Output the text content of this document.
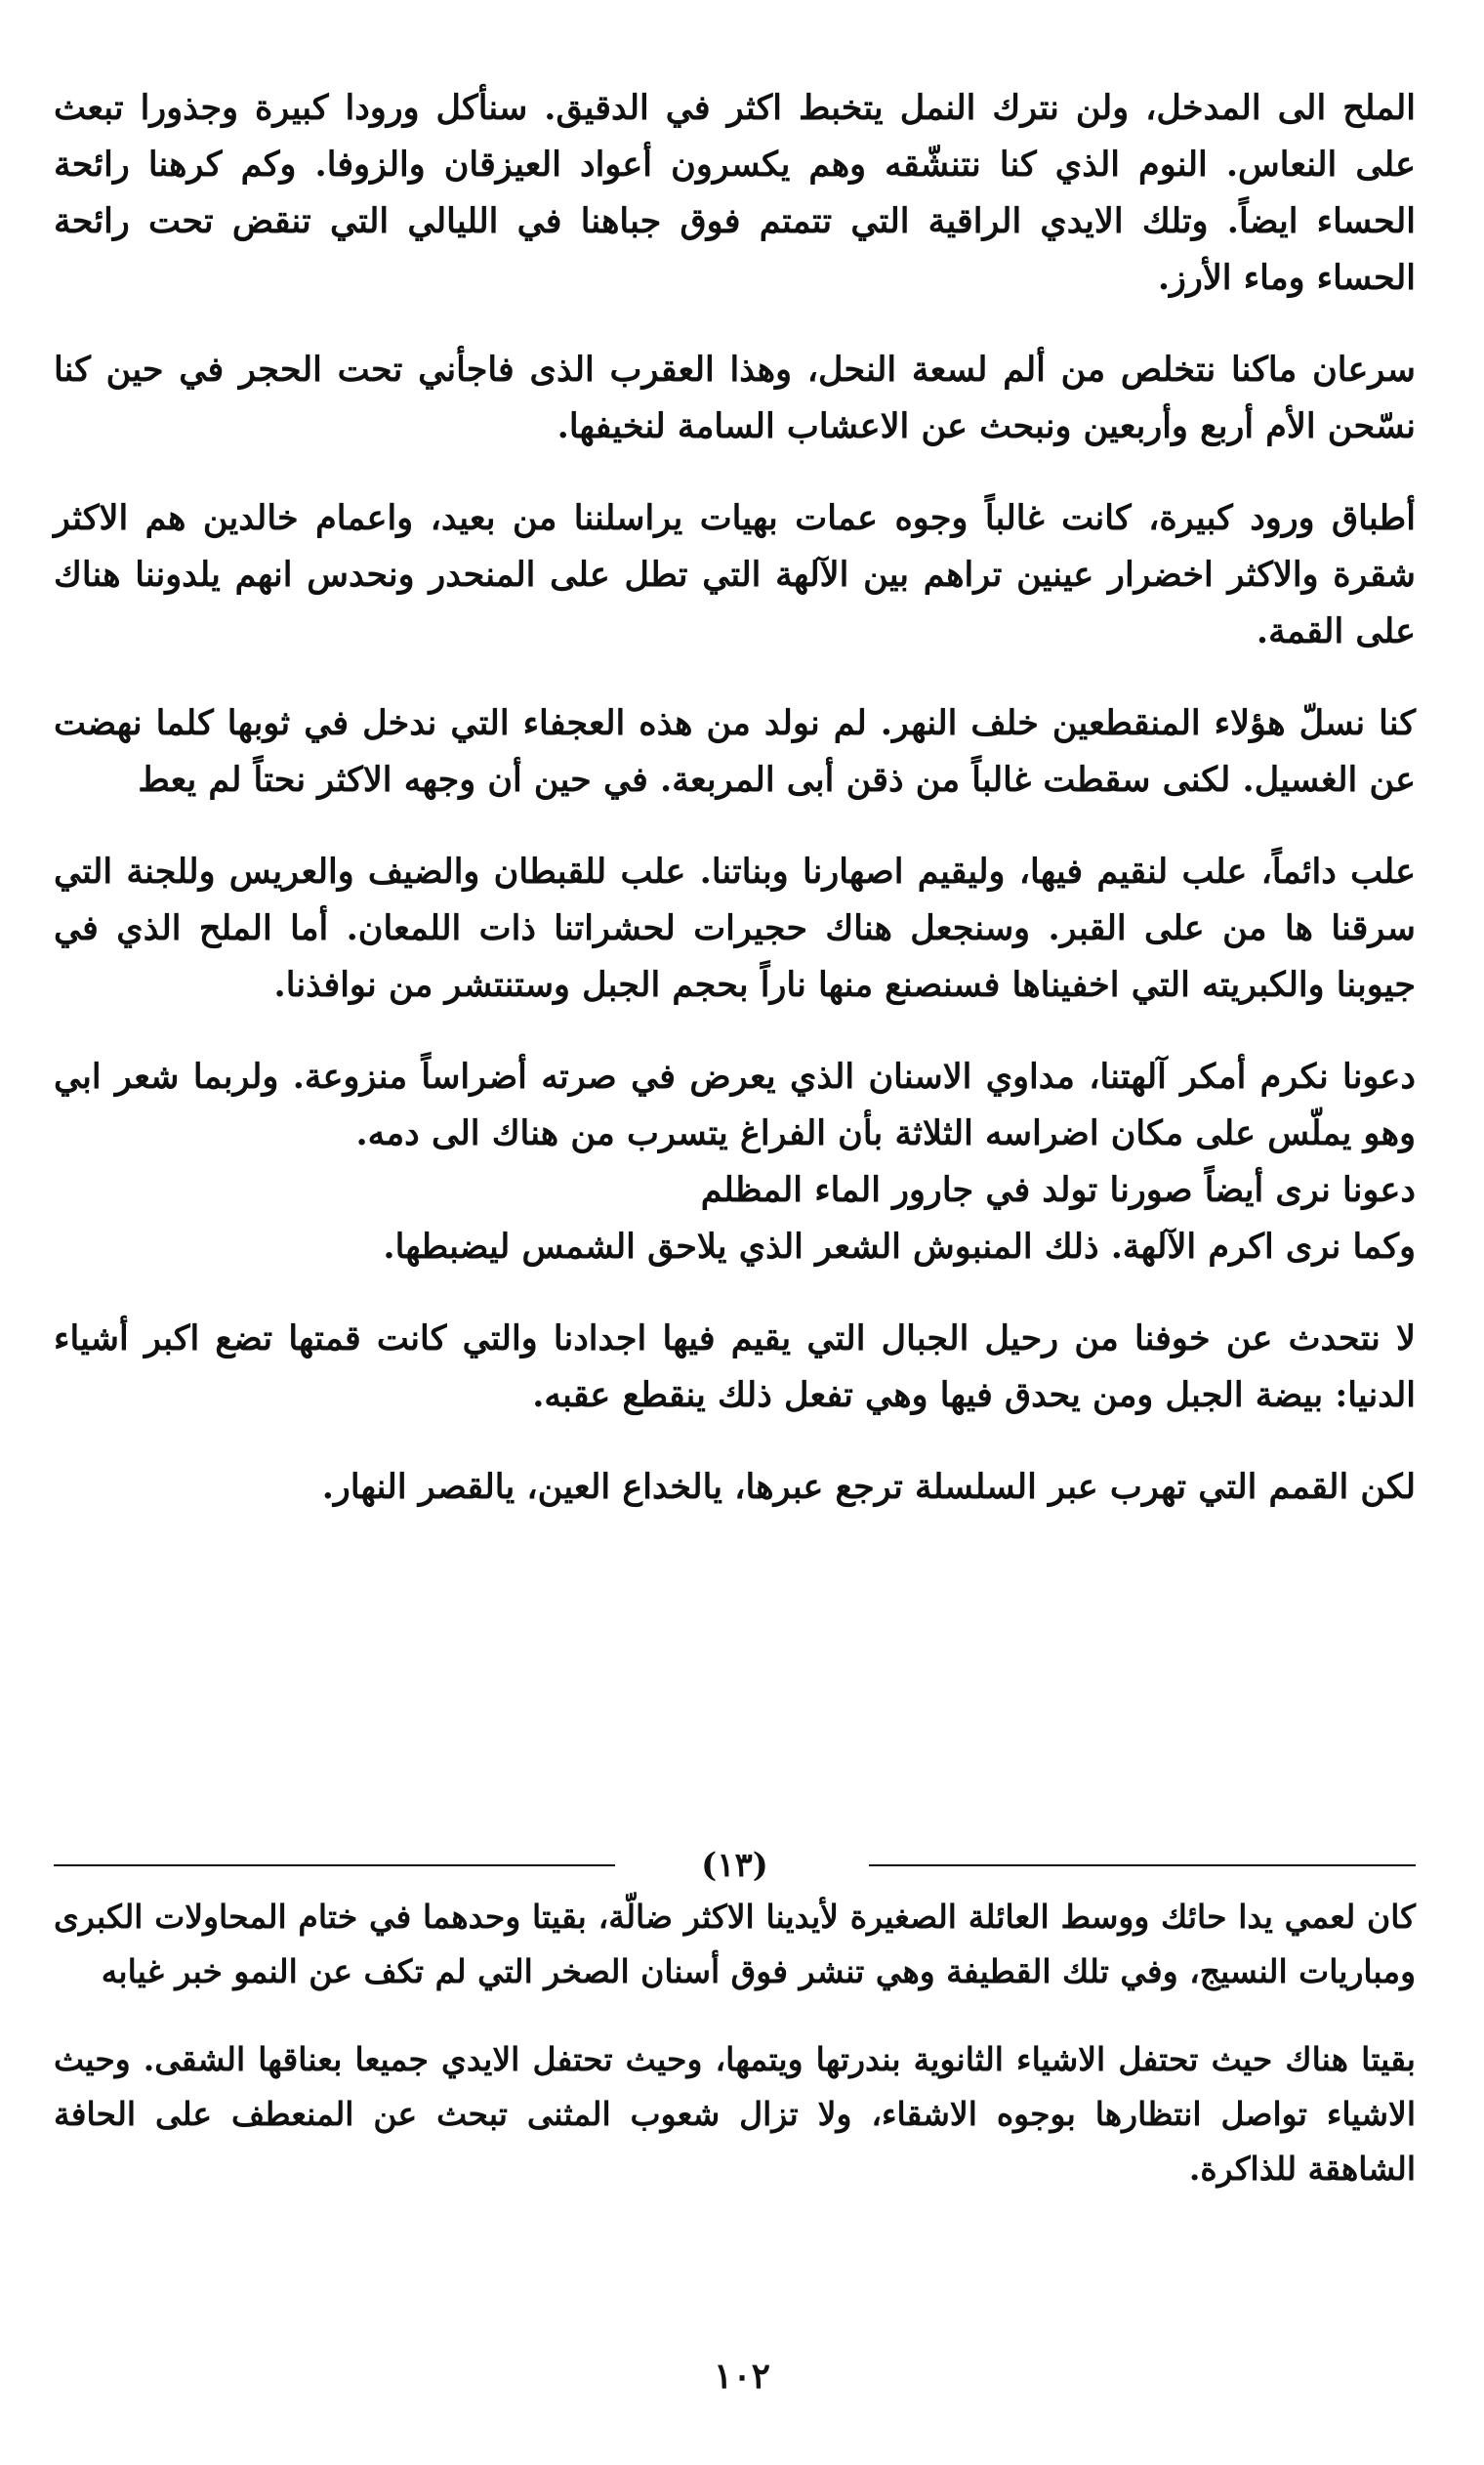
الملح الى المدخل، ولن نترك النمل يتخبط اكثر في الدقيق. سنأكل ورودا كبيرة وجذورا تبعث على النعاس. النوم الذي كنا نتنشّقه وهم يكسرون أعواد العيزقان والزوفا. وكم كرهنا رائحة الحساء ايضاً. وتلك الايدي الراقية التي تتمتم فوق جباهنا في الليالي التي تنقض تحت رائحة الحساء وماء الأرز.

سرعان ماكنا نتخلص من ألم لسعة النحل، وهذا العقرب الذى فاجأني تحت الحجر في حين كنا نسّحن الأم أربع وأربعين ونبحث عن الاعشاب السامة لنخيفها.

أطباق ورود كبيرة، كانت غالباً وجوه عمات بهيات يراسلننا من بعيد، واعمام خالدين هم الاكثر شقرة والاكثر اخضرار عينين تراهم بين الآلهة التي تطل على المنحدر ونحدس انهم يلدوننا هناك على القمة.

كنا نسلّ هؤلاء المنقطعين خلف النهر. لم نولد من هذه العجفاء التي ندخل في ثوبها كلما نهضت عن الغسيل. لكنى سقطت غالباً من ذقن أبى المربعة. في حين أن وجهه الاكثر نحتاً لم يعط

علب دائماً، علب لنقيم فيها، وليقيم اصهارنا وبناتنا. علب للقبطان والضيف والعريس وللجنة التي سرقنا ها من على القبر. وسنجعل هناك حجيرات لحشراتنا ذات اللمعان. أما الملح الذي في جيوبنا والكبريته التي اخفيناها فسنصنع منها ناراً بحجم الجبل وستنتشر من نوافذنا.

دعونا نكرم أمكر آلهتنا، مداوي الاسنان الذي يعرض في صرته أضراساً منزوعة. ولربما شعر ابي وهو يملّس على مكان اضراسه الثلاثة بأن الفراغ يتسرب من هناك الى دمه.
دعونا نرى أيضاً صورنا تولد في جارور الماء المظلم
وكما نرى اكرم الآلهة. ذلك المنبوش الشعر الذي يلاحق الشمس ليضبطها.

لا نتحدث عن خوفنا من رحيل الجبال التي يقيم فيها اجدادنا والتي كانت قمتها تضع اكبر أشياء الدنيا: بيضة الجبل ومن يحدق فيها وهي تفعل ذلك ينقطع عقبه.

لكن القمم التي تهرب عبر السلسلة ترجع عبرها، يالخداع العين، يالقصر النهار.

(١٣)

كان لعمي يدا حائك ووسط العائلة الصغيرة لأيدينا الاكثر ضالّة، بقيتا وحدهما في ختام المحاولات الكبرى ومباريات النسيج، وفي تلك القطيفة وهي تنشر فوق أسنان الصخر التي لم تكف عن النمو خبر غيابه

بقيتا هناك حيث تحتفل الاشياء الثانوية بندرتها ويتمها، وحيث تحتفل الايدي جميعا بعناقها الشقى. وحيث الاشياء تواصل انتظارها بوجوه الاشقاء، ولا تزال شعوب المثنى تبحث عن المنعطف على الحافة الشاهقة للذاكرة.

١٠٢
